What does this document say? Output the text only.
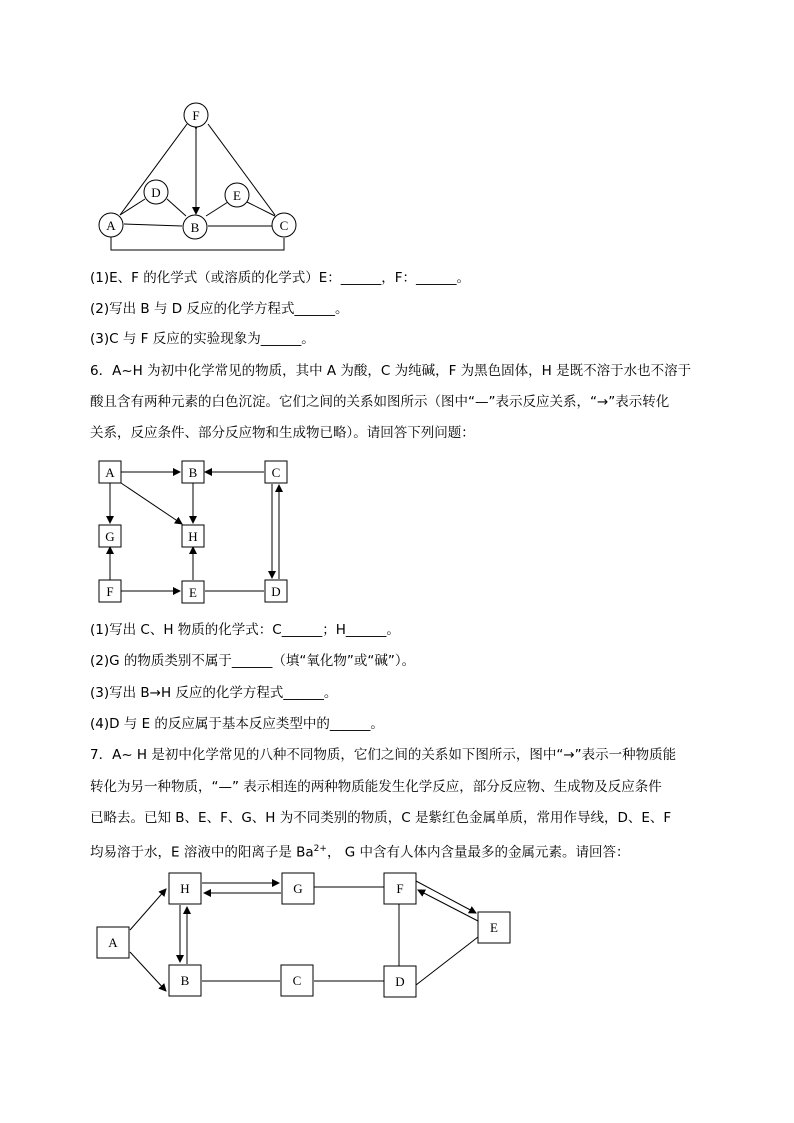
F
D	E
A	B	C
A	B	C
G	H
F	E	D
A
H	G	F
E
B	C	D
(1)E、F 的化学式（或溶质的化学式）E：______，F：______。
(2)写出 B 与 D 反应的化学方程式______。
(3)C 与 F 反应的实验现象为______。
6．A~H 为初中化学常见的物质，其中 A 为酸，C 为纯碱，F 为黑色固体，H 是既不溶于水也不溶于
酸且含有两种元素的白色沉淀。它们之间的关系如图所示（图中“—”表示反应关系，“→”表示转化
关系，反应条件、部分反应物和生成物已略）。请回答下列问题：
(1)写出 C、H 物质的化学式：C______；H______。
(2)G 的物质类别不属于______（填“氧化物”或“碱”）。
(3)写出 B→H 反应的化学方程式______。
(4)D 与 E 的反应属于基本反应类型中的______。
7．A~ H 是初中化学常见的八种不同物质，它们之间的关系如下图所示，图中“→”表示一种物质能
转化为另一种物质，“—” 表示相连的两种物质能发生化学反应，部分反应物、生成物及反应条件
已略去。已知 B、E、F、G、H 为不同类别的物质，C 是紫红色金属单质，常用作导线，D、E、F
均易溶于水，E 溶液中的阳离子是 $Ba^{2+}$， G 中含有人体内含量最多的金属元素。请回答：
